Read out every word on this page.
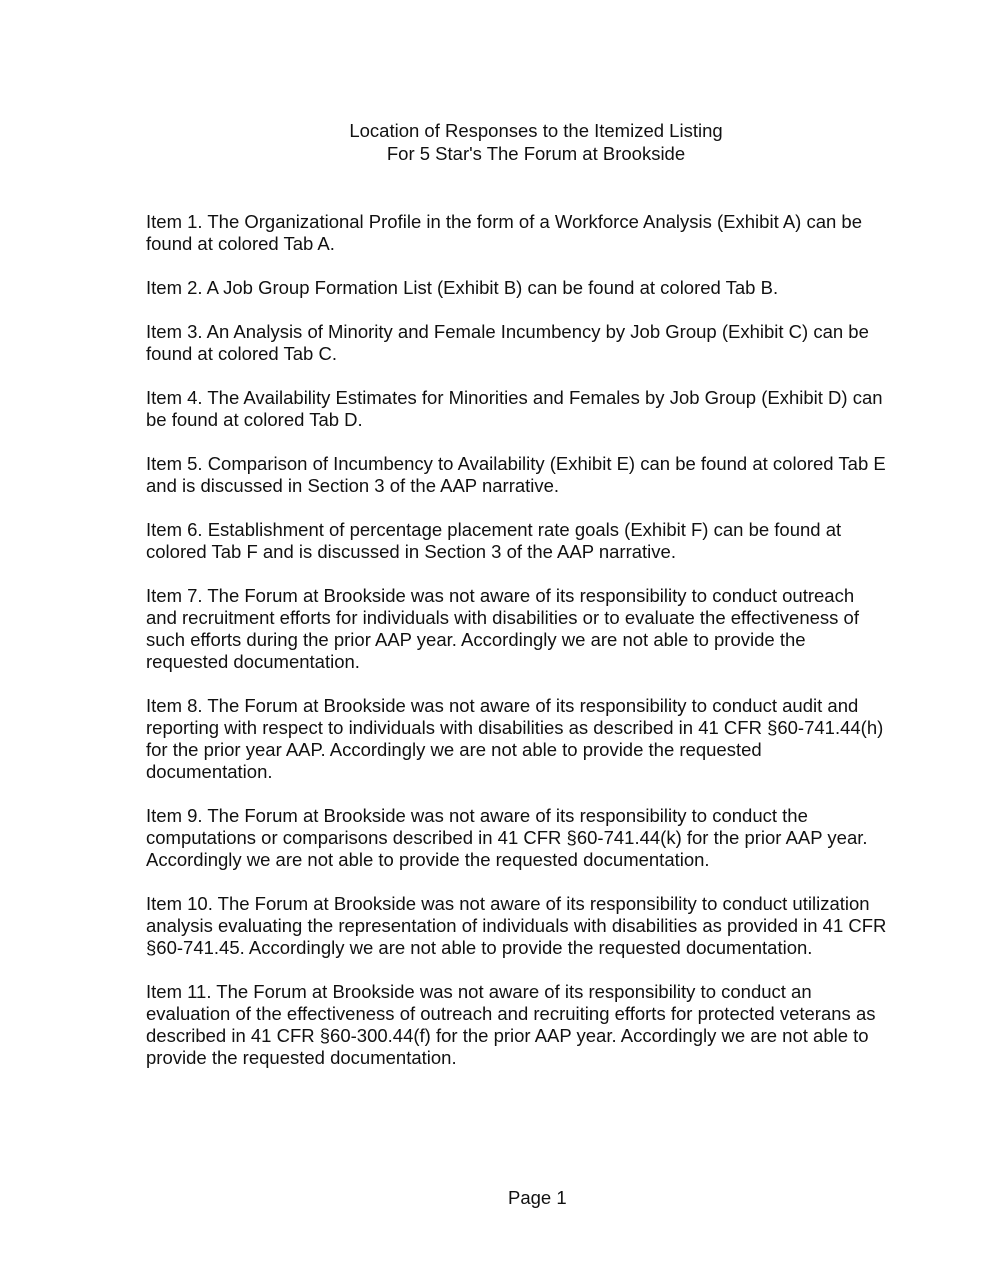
Location of Responses to the Itemized Listing
For 5 Star's The Forum at Brookside

Item 1. The Organizational Profile in the form of a Workforce Analysis (Exhibit A) can be
found at colored Tab A.

Item 2. A Job Group Formation List (Exhibit B) can be found at colored Tab B.

Item 3. An Analysis of Minority and Female Incumbency by Job Group (Exhibit C) can be
found at colored Tab C.

Item 4. The Availability Estimates for Minorities and Females by Job Group (Exhibit D) can
be found at colored Tab D.

Item 5. Comparison of Incumbency to Availability (Exhibit E) can be found at colored Tab E
and is discussed in Section 3 of the AAP narrative.

Item 6. Establishment of percentage placement rate goals (Exhibit F) can be found at
colored Tab F and is discussed in Section 3 of the AAP narrative.

Item 7. The Forum at Brookside was not aware of its responsibility to conduct outreach
and recruitment efforts for individuals with disabilities or to evaluate the effectiveness of
such efforts during the prior AAP year. Accordingly we are not able to provide the
requested documentation.

Item 8. The Forum at Brookside was not aware of its responsibility to conduct audit and
reporting with respect to individuals with disabilities as described in 41 CFR §60-741.44(h)
for the prior year AAP. Accordingly we are not able to provide the requested
documentation.

Item 9. The Forum at Brookside was not aware of its responsibility to conduct the
computations or comparisons described in 41 CFR §60-741.44(k) for the prior AAP year.
Accordingly we are not able to provide the requested documentation.

Item 10. The Forum at Brookside was not aware of its responsibility to conduct utilization
analysis evaluating the representation of individuals with disabilities as provided in 41 CFR
§60-741.45. Accordingly we are not able to provide the requested documentation.

Item 11. The Forum at Brookside was not aware of its responsibility to conduct an
evaluation of the effectiveness of outreach and recruiting efforts for protected veterans as
described in 41 CFR §60-300.44(f) for the prior AAP year. Accordingly we are not able to
provide the requested documentation.

Page 1
